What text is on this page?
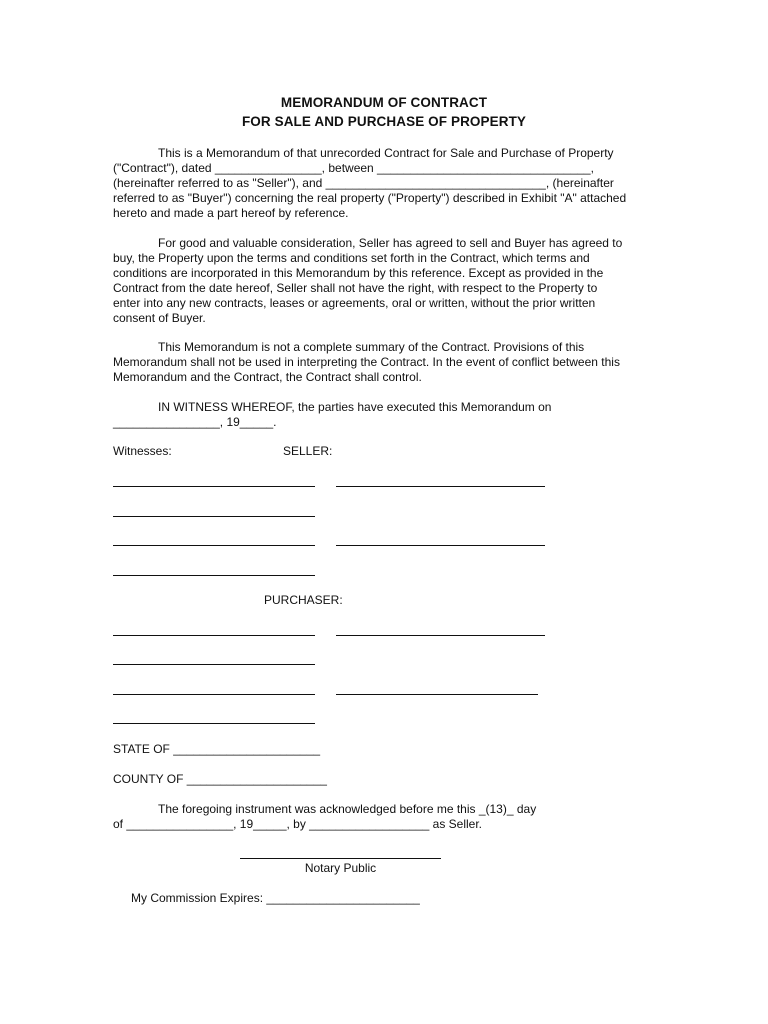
MEMORANDUM OF CONTRACT
FOR SALE AND PURCHASE OF PROPERTY
This is a Memorandum of that unrecorded Contract for Sale and Purchase of Property
("Contract"), dated ________________, between ________________________________,
(hereinafter referred to as "Seller"), and _________________________________, (hereinafter
referred to as "Buyer") concerning the real property ("Property") described in Exhibit "A" attached
hereto and made a part hereof by reference.
For good and valuable consideration, Seller has agreed to sell and Buyer has agreed to
buy, the Property upon the terms and conditions set forth in the Contract, which terms and
conditions are incorporated in this Memorandum by this reference. Except as provided in the
Contract from the date hereof, Seller shall not have the right, with respect to the Property to
enter into any new contracts, leases or agreements, oral or written, without the prior written
consent of Buyer.
This Memorandum is not a complete summary of the Contract. Provisions of this
Memorandum shall not be used in interpreting the Contract. In the event of conflict between this
Memorandum and the Contract, the Contract shall control.
IN WITNESS WHEREOF, the parties have executed this Memorandum on
________________, 19_____.
Witnesses:	SELLER:
PURCHASER:
STATE OF ______________________
COUNTY OF _____________________
The foregoing instrument was acknowledged before me this _(13)_ day
of ________________, 19_____, by __________________ as Seller.
Notary Public
My Commission Expires: _______________________
